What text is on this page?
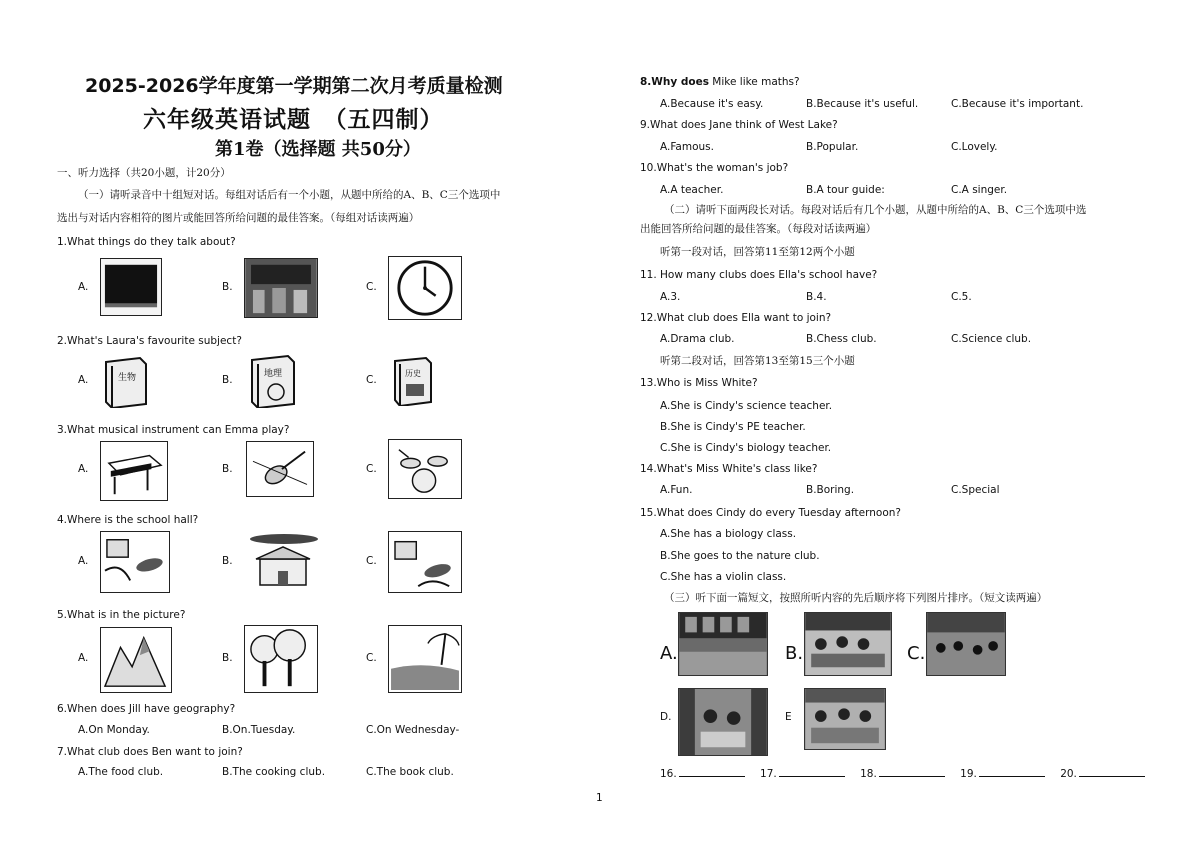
2025-2026学年度第一学期第二次月考质量检测
六年级英语试题　（五四制）
第1卷（选择题 共50分）
一、听力选择（共20小题，计20分）
（一）请听录音中十组短对话。每组对话后有一个小题，从题中所给的A、B、C三个选项中
选出与对话内容相符的图片或能回答所给问题的最佳答案。（每组对话读两遍）
1.What things do they talk about?
A.	B.	C.
2.What's Laura's favourite subject?
A.	生物	B.	地理	C.
历史
3.What musical instrument can Emma play?
A.	B.	C.
4.Where is the school hall?
A.	B.	C.
5.What is in the picture?
A.	B.	C.
6.When does Jill have geography?
A.On Monday.	B.On.Tuesday.	C.On Wednesday-
7.What club does Ben want to join?
A.The food club.	B.The cooking club.	C.The book club.
8.Why does Mike like maths?
A.Because it's easy.	B.Because it's useful.	C.Because it's important.
9.What does Jane think of West Lake?
A.Famous.	B.Popular.	C.Lovely.
10.What's the woman's job?
A.A teacher.	B.A tour guide:	C.A singer.
（二）请听下面两段长对话。每段对话后有几个小题，从题中所给的A、B、C三个选项中选
出能回答所给问题的最佳答案。（每段对话读两遍）
听第一段对话，回答第11至第12两个小题
11. How many clubs does Ella's school have?
A.3.	B.4.	C.5.
12.What club does Ella want to join?
A.Drama club.	B.Chess club.	C.Science club.
听第二段对话，回答第13至第15三个小题
13.Who is Miss White?
A.She is Cindy's science teacher.
B.She is Cindy's PE teacher.
C.She is Cindy's biology teacher.
14.What's Miss White's class like?
A.Fun.	B.Boring.	C.Special
15.What does Cindy do every Tuesday afternoon?
A.She has a biology class.
B.She goes to the nature club.
C.She has a violin class.
（三）听下面一篇短文，按照所听内容的先后顺序将下列图片排序。（短文读两遍）
A.	B.	C.
D.	E
16.	17.	18.	19.	20.
1
